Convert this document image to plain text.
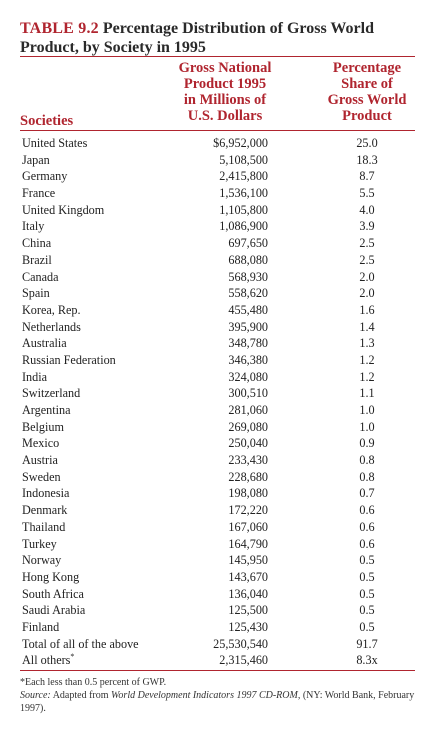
TABLE 9.2 Percentage Distribution of Gross World
Product, by Society in 1995
Societies
Gross National
Product 1995
in Millions of
U.S. Dollars
Percentage
Share of
Gross World
Product
United States	$6,952,000	25.0
Japan	5,108,500	18.3
Germany	2,415,800	8.7
France	1,536,100	5.5
United Kingdom	1,105,800	4.0
Italy	1,086,900	3.9
China	697,650	2.5
Brazil	688,080	2.5
Canada	568,930	2.0
Spain	558,620	2.0
Korea, Rep.	455,480	1.6
Netherlands	395,900	1.4
Australia	348,780	1.3
Russian Federation	346,380	1.2
India	324,080	1.2
Switzerland	300,510	1.1
Argentina	281,060	1.0
Belgium	269,080	1.0
Mexico	250,040	0.9
Austria	233,430	0.8
Sweden	228,680	0.8
Indonesia	198,080	0.7
Denmark	172,220	0.6
Thailand	167,060	0.6
Turkey	164,790	0.6
Norway	145,950	0.5
Hong Kong	143,670	0.5
South Africa	136,040	0.5
Saudi Arabia	125,500	0.5
Finland	125,430	0.5
Total of all of the above	25,530,540	91.7
All others*	2,315,460	8.3x
*Each less than 0.5 percent of GWP.
Source: Adapted from World Development Indicators 1997 CD-ROM, (NY: World Bank, February 1997).
